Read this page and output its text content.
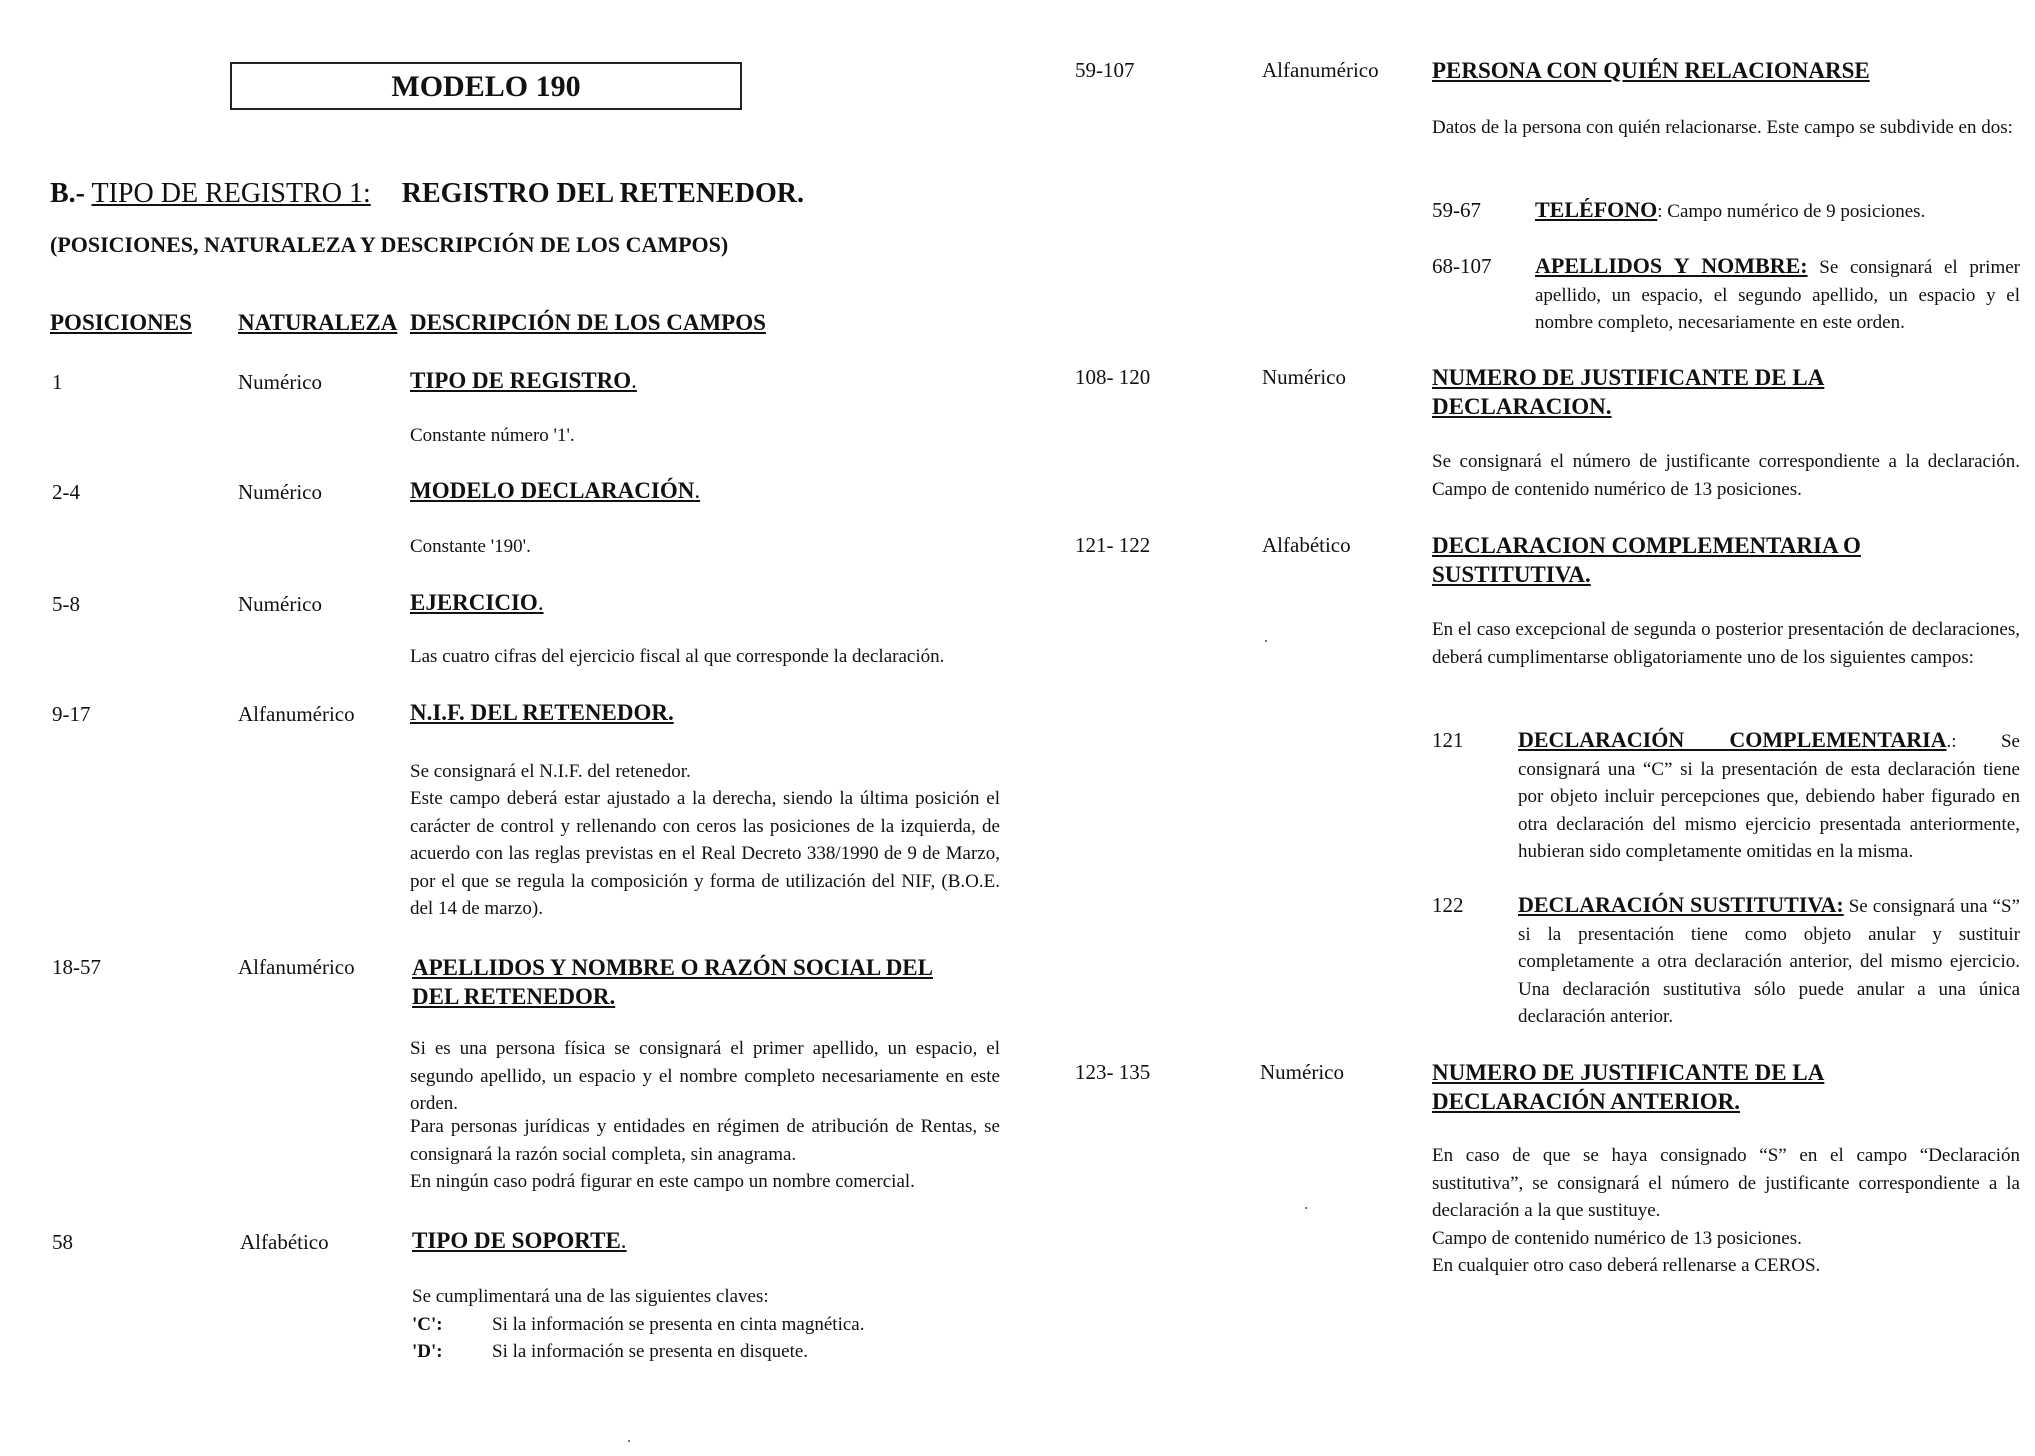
MODELO 190
B.- TIPO DE REGISTRO 1: REGISTRO DEL RETENEDOR.
(POSICIONES, NATURALEZA Y DESCRIPCIÓN DE LOS CAMPOS)
POSICIONES NATURALEZA DESCRIPCIÓN DE LOS CAMPOS
1	Numérico	TIPO DE REGISTRO.
Constante número '1'.
2-4	Numérico	MODELO DECLARACIÓN.
Constante '190'.
5-8	Numérico	EJERCICIO.
Las cuatro cifras del ejercicio fiscal al que corresponde la declaración.
9-17	Alfanumérico N.I.F. DEL RETENEDOR.
Se consignará el N.I.F. del retenedor.
Este campo deberá estar ajustado a la derecha, siendo la última posición el carácter de control y rellenando con ceros las posiciones de la izquierda, de acuerdo con las reglas previstas en el Real Decreto 338/1990 de 9 de Marzo, por el que se regula la composición y forma de utilización del NIF, (B.O.E. del 14 de marzo).
18-57	Alfanumérico APELLIDOS Y NOMBRE O RAZÓN SOCIAL DEL DEL RETENEDOR.
Si es una persona física se consignará el primer apellido, un espacio, el segundo apellido, un espacio y el nombre completo necesariamente en este orden.
Para personas jurídicas y entidades en régimen de atribución de Rentas, se consignará la razón social completa, sin anagrama.
En ningún caso podrá figurar en este campo un nombre comercial.
58	Alfabético	TIPO DE SOPORTE.
Se cumplimentará una de las siguientes claves:
'C':	Si la información se presenta en cinta magnética.
'D':	Si la información se presenta en disquete.
59-107	Alfanumérico PERSONA CON QUIÉN RELACIONARSE
Datos de la persona con quién relacionarse. Este campo se subdivide en dos:
59-67 TELÉFONO: Campo numérico de 9 posiciones.
68-107 APELLIDOS Y NOMBRE: Se consignará el primer apellido, un espacio, el segundo apellido, un espacio y el nombre completo, necesariamente en este orden.
108- 120	Numérico	NUMERO DE JUSTIFICANTE DE LA DECLARACION.
Se consignará el número de justificante correspondiente a la declaración. Campo de contenido numérico de 13 posiciones.
121- 122	Alfabético	DECLARACION COMPLEMENTARIA O SUSTITUTIVA.
En el caso excepcional de segunda o posterior presentación de declaraciones, deberá cumplimentarse obligatoriamente uno de los siguientes campos:
121 DECLARACIÓN COMPLEMENTARIA.: Se consignará una “C” si la presentación de esta declaración tiene por objeto incluir percepciones que, debiendo haber figurado en otra declaración del mismo ejercicio presentada anteriormente, hubieran sido completamente omitidas en la misma.
122 DECLARACIÓN SUSTITUTIVA: Se consignará una “S” si la presentación tiene como objeto anular y sustituir completamente a otra declaración anterior, del mismo ejercicio. Una declaración sustitutiva sólo puede anular a una única declaración anterior.
123- 135	Numérico	NUMERO DE JUSTIFICANTE DE LA DECLARACIÓN ANTERIOR.
En caso de que se haya consignado “S” en el campo “Declaración sustitutiva”, se consignará el número de justificante correspondiente a la declaración a la que sustituye.
Campo de contenido numérico de 13 posiciones.
En cualquier otro caso deberá rellenarse a CEROS.
